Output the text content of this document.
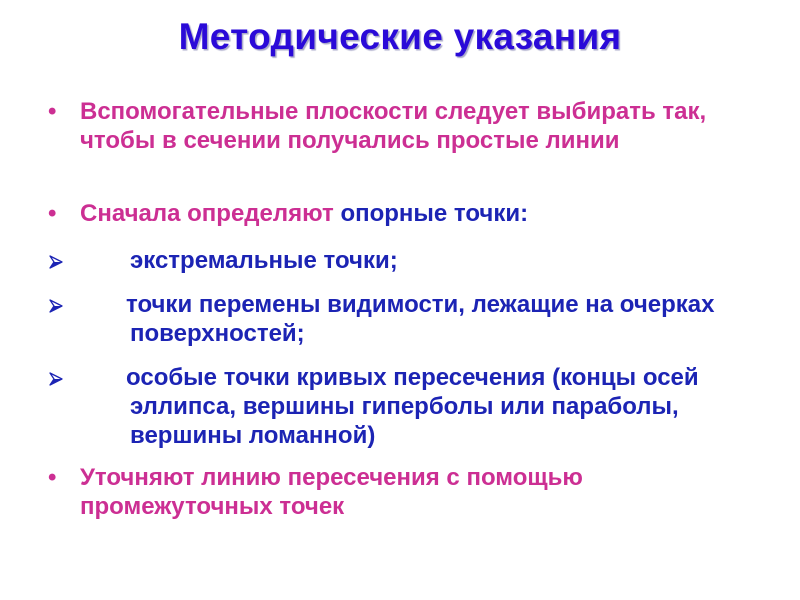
Методические указания
• Вспомогательные плоскости следует выбирать так, чтобы в сечении получались простые линии
• Сначала определяют опорные точки:
экстремальные точки;
точки перемены видимости, лежащие на очерках поверхностей;
особые точки кривых пересечения (концы осей эллипса, вершины гиперболы или параболы, вершины ломанной)
• Уточняют линию пересечения с помощью промежуточных точек
